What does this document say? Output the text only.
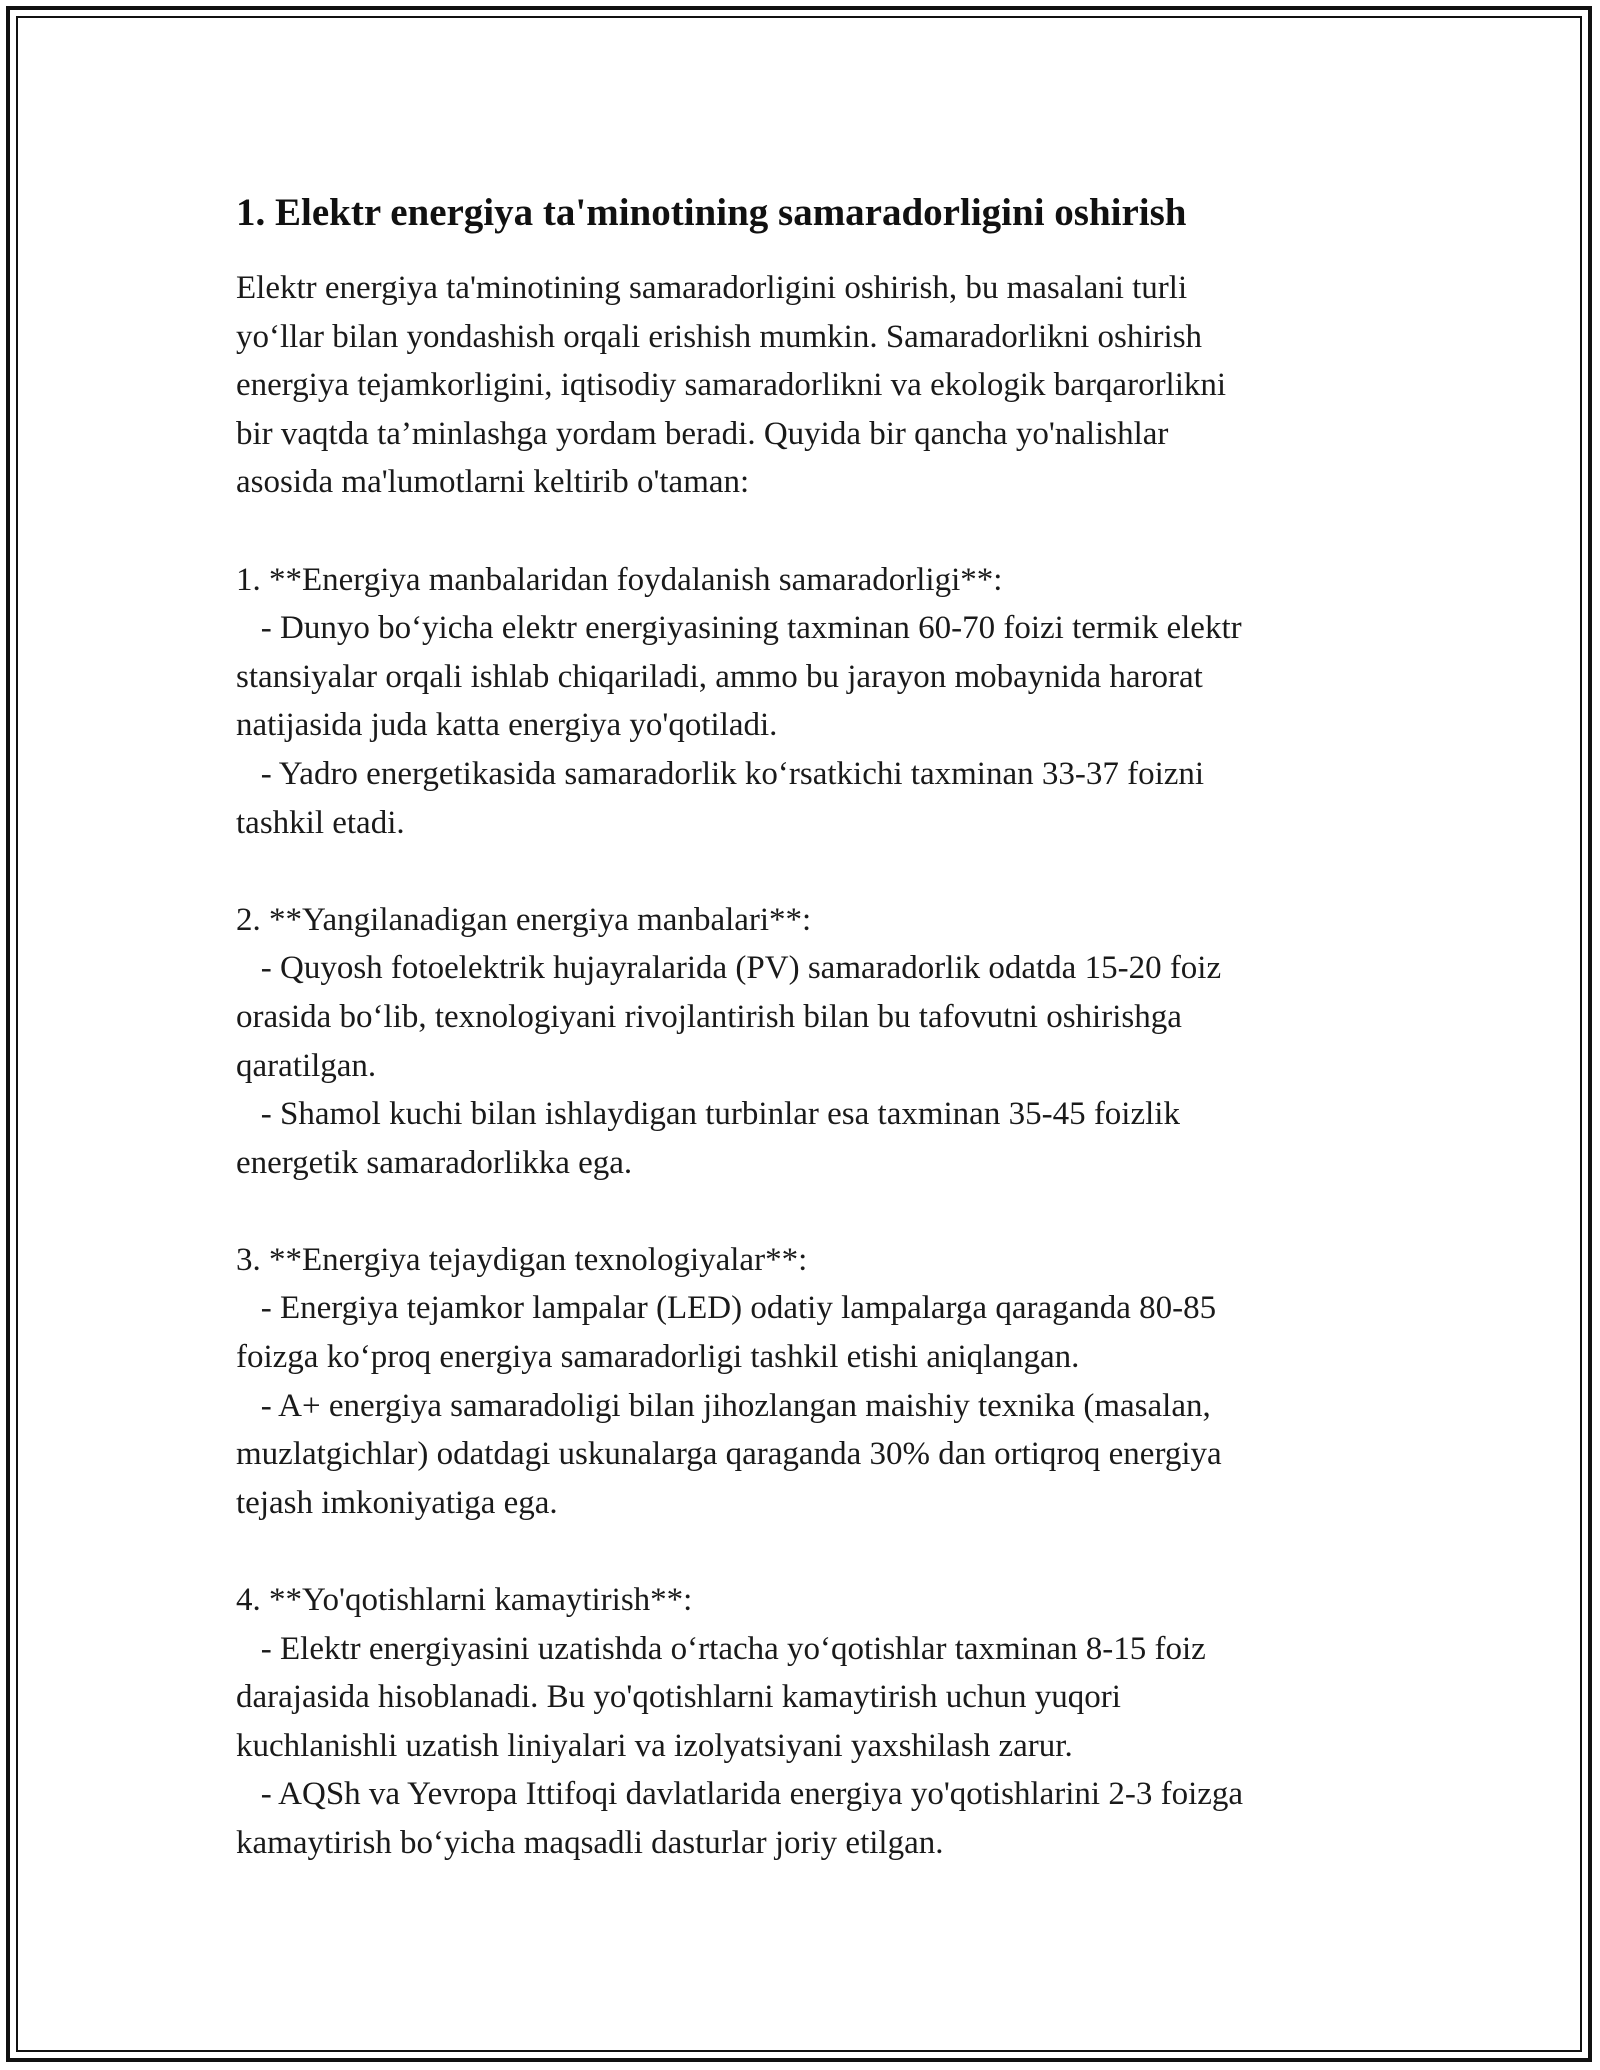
1. Elektr energiya ta'minotining samaradorligini oshirish
Elektr energiya ta'minotining samaradorligini oshirish, bu masalani turli
yo‘llar bilan yondashish orqali erishish mumkin. Samaradorlikni oshirish
energiya tejamkorligini, iqtisodiy samaradorlikni va ekologik barqarorlikni
bir vaqtda ta’minlashga yordam beradi. Quyida bir qancha yo'nalishlar
asosida ma'lumotlarni keltirib o'taman:

1. **Energiya manbalaridan foydalanish samaradorligi**:
- Dunyo bo‘yicha elektr energiyasining taxminan 60-70 foizi termik elektr
stansiyalar orqali ishlab chiqariladi, ammo bu jarayon mobaynida harorat
natijasida juda katta energiya yo'qotiladi.
- Yadro energetikasida samaradorlik ko‘rsatkichi taxminan 33-37 foizni
tashkil etadi.

2. **Yangilanadigan energiya manbalari**:
- Quyosh fotoelektrik hujayralarida (PV) samaradorlik odatda 15-20 foiz
orasida bo‘lib, texnologiyani rivojlantirish bilan bu tafovutni oshirishga
qaratilgan.
- Shamol kuchi bilan ishlaydigan turbinlar esa taxminan 35-45 foizlik
energetik samaradorlikka ega.

3. **Energiya tejaydigan texnologiyalar**:
- Energiya tejamkor lampalar (LED) odatiy lampalarga qaraganda 80-85
foizga ko‘proq energiya samaradorligi tashkil etishi aniqlangan.
- A+ energiya samaradoligi bilan jihozlangan maishiy texnika (masalan,
muzlatgichlar) odatdagi uskunalarga qaraganda 30% dan ortiqroq energiya
tejash imkoniyatiga ega.

4. **Yo'qotishlarni kamaytirish**:
- Elektr energiyasini uzatishda o‘rtacha yo‘qotishlar taxminan 8-15 foiz
darajasida hisoblanadi. Bu yo'qotishlarni kamaytirish uchun yuqori
kuchlanishli uzatish liniyalari va izolyatsiyani yaxshilash zarur.
- AQSh va Yevropa Ittifoqi davlatlarida energiya yo'qotishlarini 2-3 foizga
kamaytirish bo‘yicha maqsadli dasturlar joriy etilgan.
